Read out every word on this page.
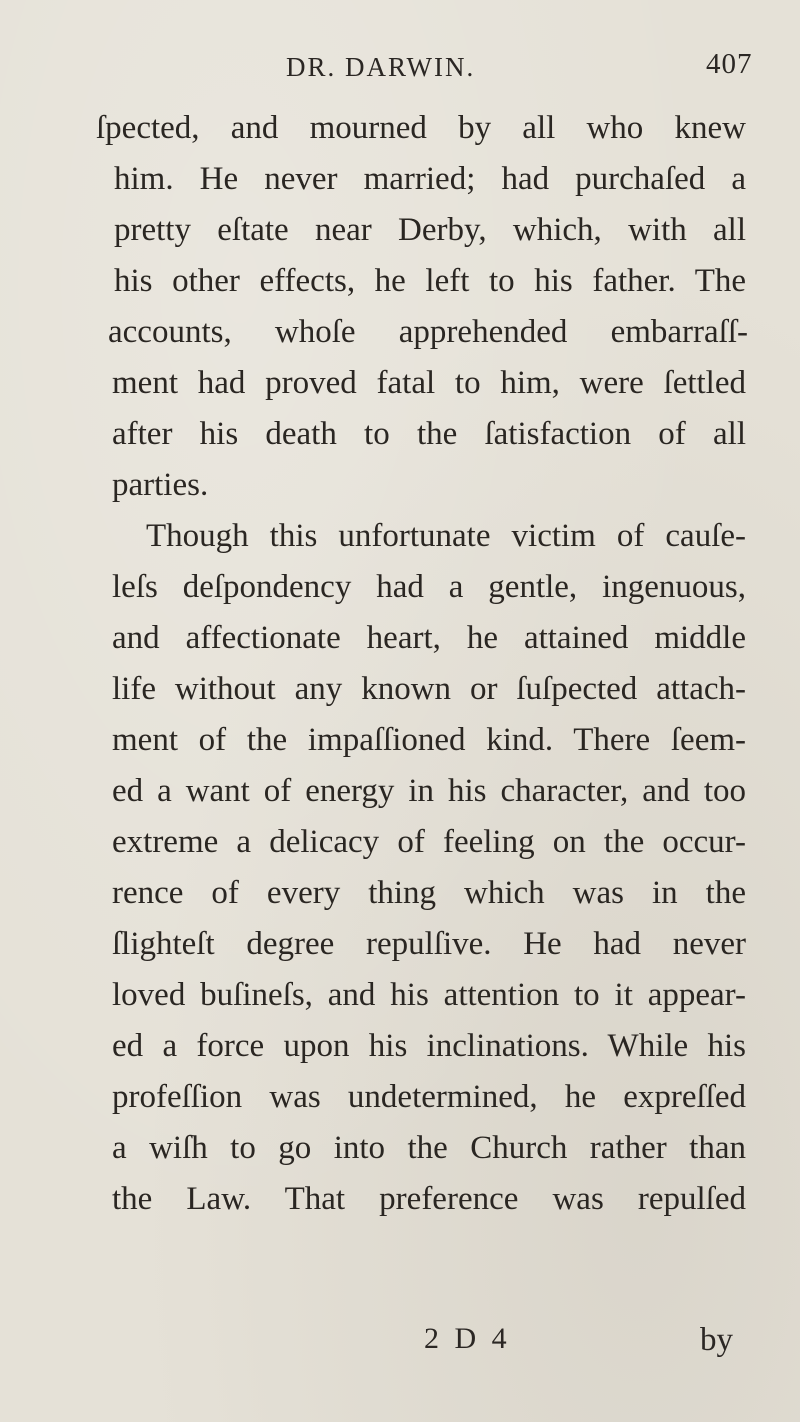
DR. DARWIN.	407
ſpected, and mourned by all who knew
him. He never married; had purchaſed a
pretty eſtate near Derby, which, with all
his other effects, he left to his father. The
accounts, whoſe apprehended embarraſſ-
ment had proved fatal to him, were ſettled
after his death to the ſatisfaction of all
parties.
Though this unfortunate victim of cauſe-
leſs deſpondency had a gentle, ingenuous,
and affectionate heart, he attained middle
life without any known or ſuſpected attach-
ment of the impaſſioned kind. There ſeem-
ed a want of energy in his character, and too
extreme a delicacy of feeling on the occur-
rence of every thing which was in the
ſlighteſt degree repulſive. He had never
loved buſineſs, and his attention to it appear-
ed a force upon his inclinations. While his
profeſſion was undetermined, he expreſſed
a wiſh to go into the Church rather than
the Law. That preference was repulſed
2 D 4	by
